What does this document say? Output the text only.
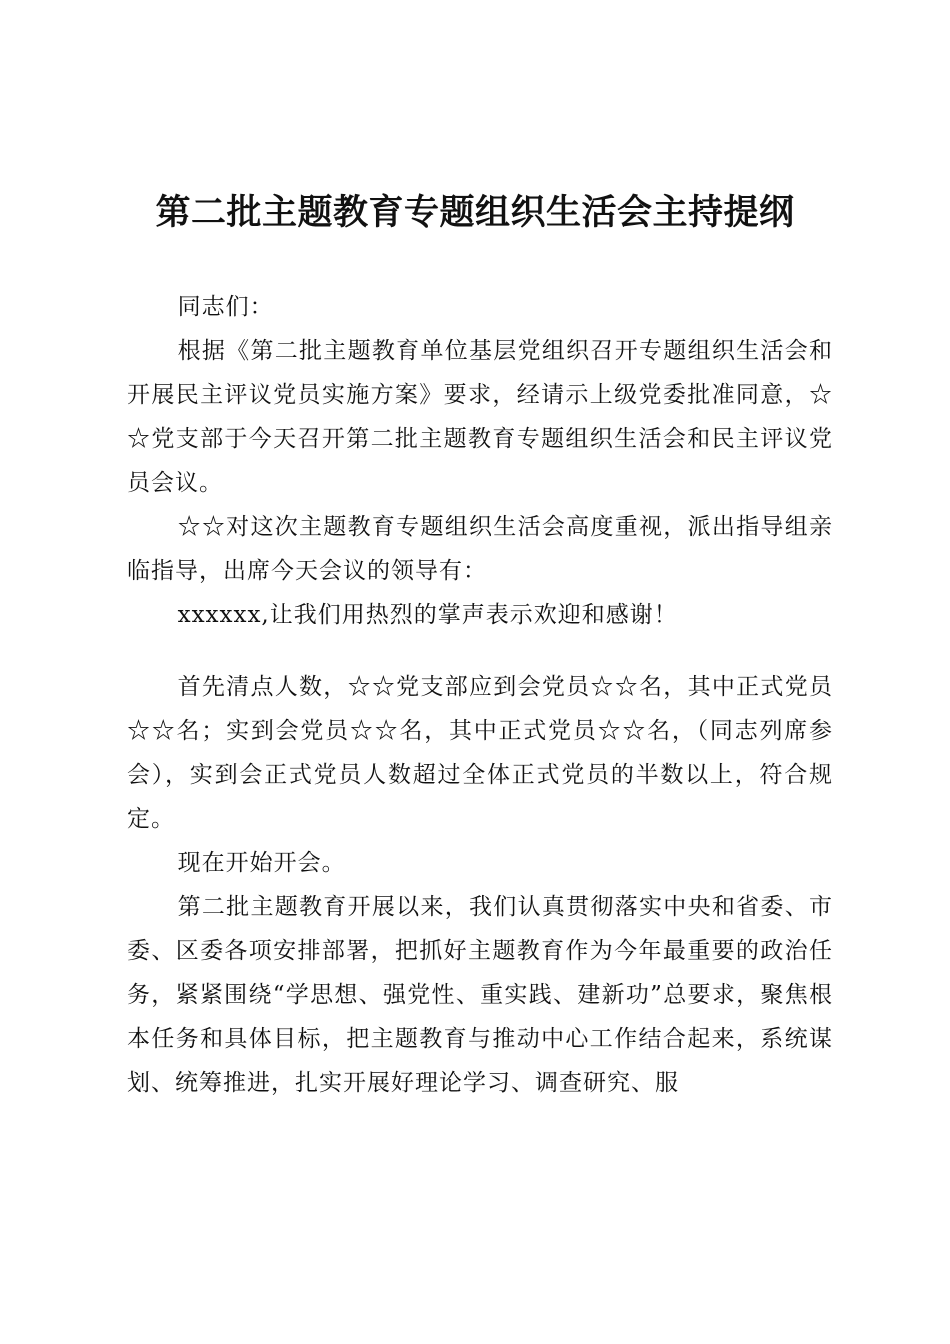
第二批主题教育专题组织生活会主持提纲

同志们：

根据《第二批主题教育单位基层党组织召开专题组织生活会和开展民主评议党员实施方案》要求，经请示上级党委批准同意，☆☆党支部于今天召开第二批主题教育专题组织生活会和民主评议党员会议。

☆☆对这次主题教育专题组织生活会高度重视，派出指导组亲临指导，出席今天会议的领导有：

xxxxxx,让我们用热烈的掌声表示欢迎和感谢！

首先清点人数，☆☆党支部应到会党员☆☆名，其中正式党员☆☆名；实到会党员☆☆名，其中正式党员☆☆名，（同志列席参会），实到会正式党员人数超过全体正式党员的半数以上，符合规定。

现在开始开会。

第二批主题教育开展以来，我们认真贯彻落实中央和省委、市委、区委各项安排部署，把抓好主题教育作为今年最重要的政治任务，紧紧围绕“学思想、强党性、重实践、建新功”总要求，聚焦根本任务和具体目标，把主题教育与推动中心工作结合起来，系统谋划、统筹推进，扎实开展好理论学习、调查研究、服
